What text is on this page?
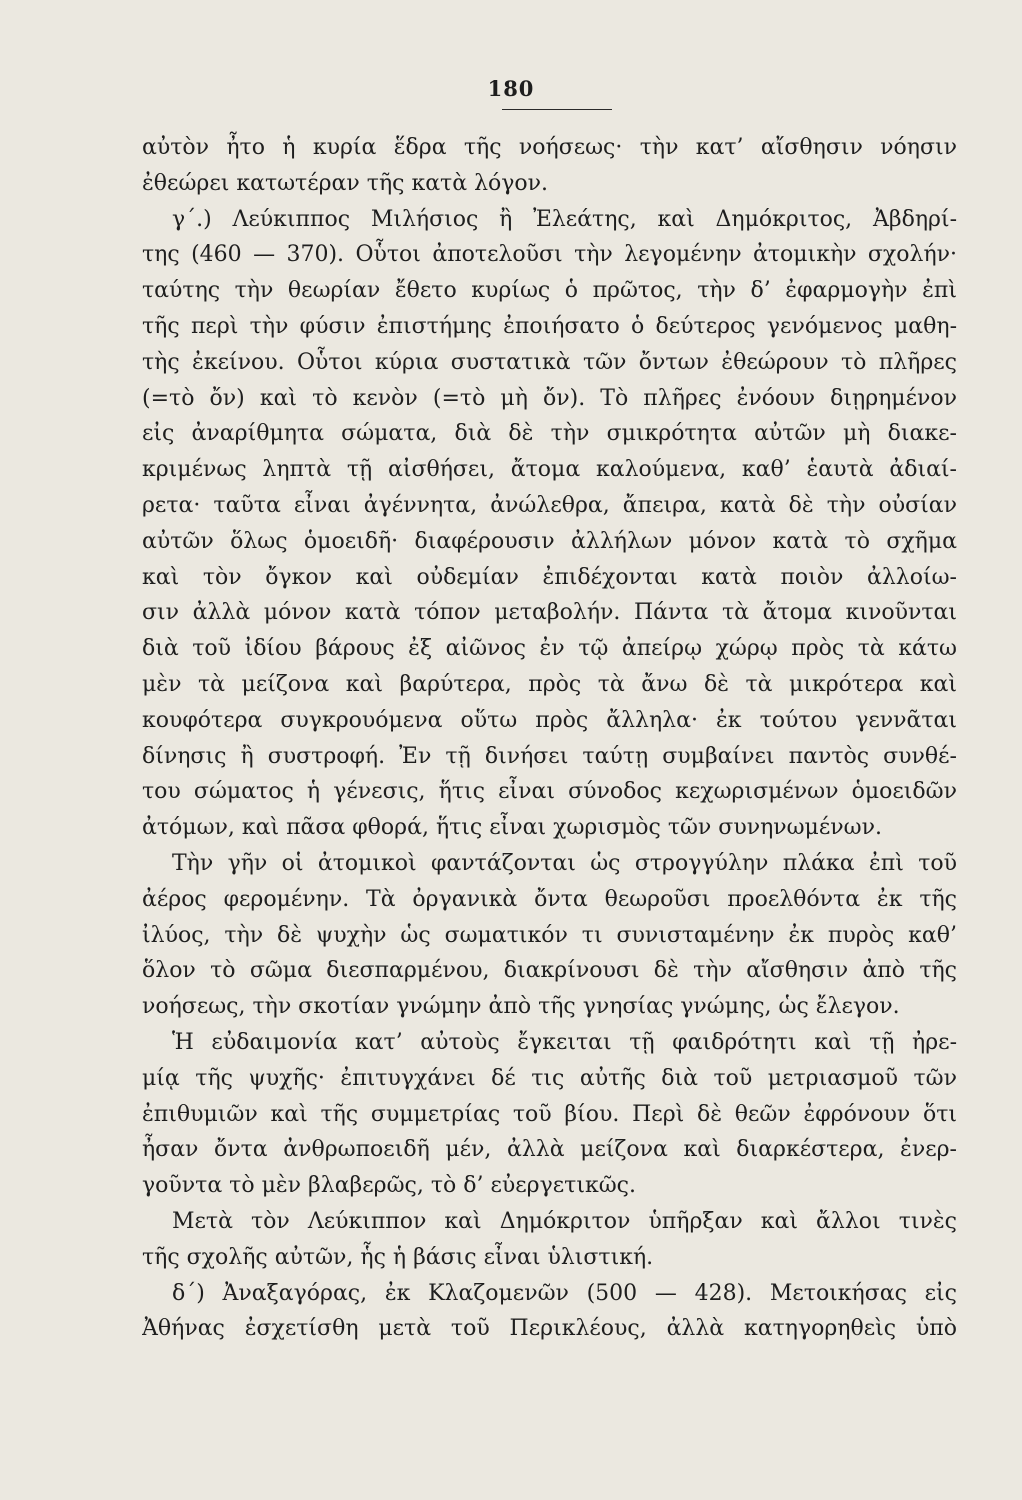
180
αὐτὸν ἦτο ἡ κυρία ἕδρα τῆς νοήσεως· τὴν κατ’ αἴσθησιν νόησιν
ἐθεώρει κατωτέραν τῆς κατὰ λόγον.
γ΄.) Λεύκιππος Μιλήσιος ἢ Ἐλεάτης, καὶ Δημόκριτος, Ἀβδηρί-
της (460 — 370). Οὗτοι ἀποτελοῦσι τὴν λεγομένην ἀτομικὴν σχολήν·
ταύτης τὴν θεωρίαν ἔθετο κυρίως ὁ πρῶτος, τὴν δ’ ἐφαρμογὴν ἐπὶ
τῆς περὶ τὴν φύσιν ἐπιστήμης ἐποιήσατο ὁ δεύτερος γενόμενος μαθη-
τὴς ἐκείνου. Οὗτοι κύρια συστατικὰ τῶν ὄντων ἐθεώρουν τὸ πλῆρες
(=τὸ ὄν) καὶ τὸ κενὸν (=τὸ μὴ ὄν). Τὸ πλῆρες ἐνόουν διῃρημένον
εἰς ἀναρίθμητα σώματα, διὰ δὲ τὴν σμικρότητα αὐτῶν μὴ διακε-
κριμένως ληπτὰ τῇ αἰσθήσει, ἄτομα καλούμενα, καθ’ ἑαυτὰ ἀδιαί-
ρετα· ταῦτα εἶναι ἀγέννητα, ἀνώλεθρα, ἄπειρα, κατὰ δὲ τὴν οὐσίαν
αὐτῶν ὅλως ὁμοειδῆ· διαφέρουσιν ἀλλήλων μόνον κατὰ τὸ σχῆμα
καὶ τὸν ὄγκον καὶ οὐδεμίαν ἐπιδέχονται κατὰ ποιὸν ἀλλοίω-
σιν ἀλλὰ μόνον κατὰ τόπον μεταβολήν. Πάντα τὰ ἄτομα κινοῦνται
διὰ τοῦ ἰδίου βάρους ἐξ αἰῶνος ἐν τῷ ἀπείρῳ χώρῳ πρὸς τὰ κάτω
μὲν τὰ μείζονα καὶ βαρύτερα, πρὸς τὰ ἄνω δὲ τὰ μικρότερα καὶ
κουφότερα συγκρουόμενα οὕτω πρὸς ἄλληλα· ἐκ τούτου γεννᾶται
δίνησις ἢ συστροφή. Ἐν τῇ δινήσει ταύτῃ συμβαίνει παντὸς συνθέ-
του σώματος ἡ γένεσις, ἥτις εἶναι σύνοδος κεχωρισμένων ὁμοειδῶν
ἀτόμων, καὶ πᾶσα φθορά, ἥτις εἶναι χωρισμὸς τῶν συνηνωμένων.
Τὴν γῆν οἱ ἀτομικοὶ φαντάζονται ὡς στρογγύλην πλάκα ἐπὶ τοῦ
ἀέρος φερομένην. Τὰ ὀργανικὰ ὄντα θεωροῦσι προελθόντα ἐκ τῆς
ἰλύος, τὴν δὲ ψυχὴν ὡς σωματικόν τι συνισταμένην ἐκ πυρὸς καθ’
ὅλον τὸ σῶμα διεσπαρμένου, διακρίνουσι δὲ τὴν αἴσθησιν ἀπὸ τῆς
νοήσεως, τὴν σκοτίαν γνώμην ἀπὸ τῆς γνησίας γνώμης, ὡς ἔλεγον.
Ἡ εὐδαιμονία κατ’ αὐτοὺς ἔγκειται τῇ φαιδρότητι καὶ τῇ ἠρε-
μίᾳ τῆς ψυχῆς· ἐπιτυγχάνει δέ τις αὐτῆς διὰ τοῦ μετριασμοῦ τῶν
ἐπιθυμιῶν καὶ τῆς συμμετρίας τοῦ βίου. Περὶ δὲ θεῶν ἐφρόνουν ὅτι
ἦσαν ὄντα ἀνθρωποειδῆ μέν, ἀλλὰ μείζονα καὶ διαρκέστερα, ἐνερ-
γοῦντα τὸ μὲν βλαβερῶς, τὸ δ’ εὐεργετικῶς.
Μετὰ τὸν Λεύκιππον καὶ Δημόκριτον ὑπῆρξαν καὶ ἄλλοι τινὲς
τῆς σχολῆς αὐτῶν, ἧς ἡ βάσις εἶναι ὑλιστική.
δ΄) Ἀναξαγόρας, ἐκ Κλαζομενῶν (500 — 428). Μετοικήσας εἰς
Ἀθήνας ἐσχετίσθη μετὰ τοῦ Περικλέους, ἀλλὰ κατηγορηθεὶς ὑπὸ
